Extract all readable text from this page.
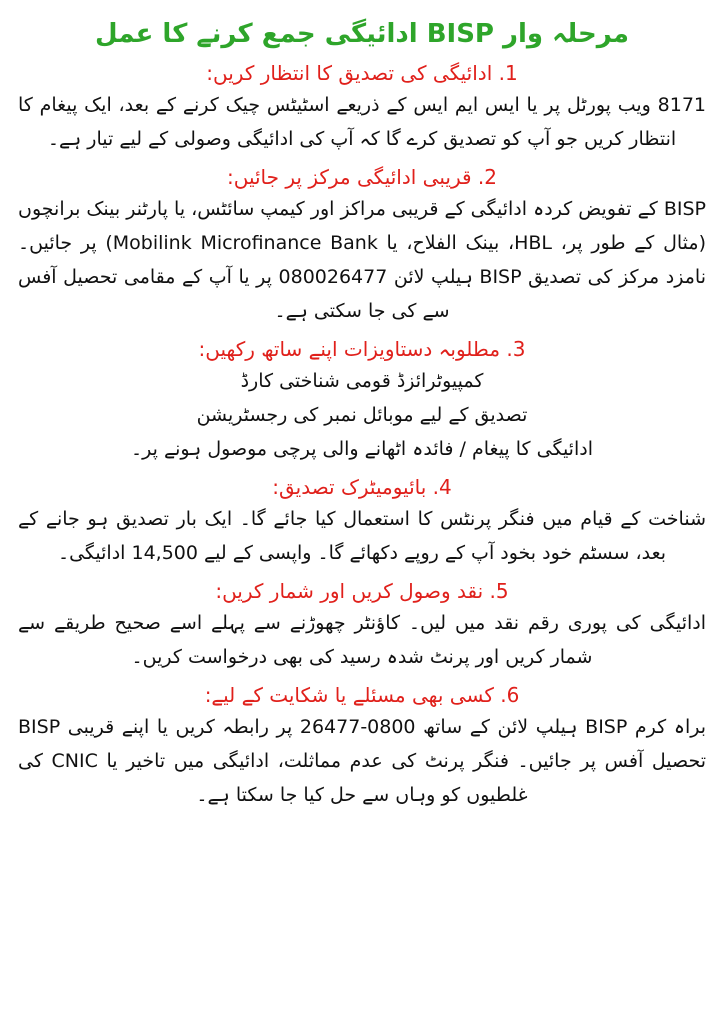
مرحلہ وار BISP ادائیگی جمع کرنے کا عمل
1. ادائیگی کی تصدیق کا انتظار کریں:

8171 ویب پورٹل پر یا ایس ایم ایس کے ذریعے اسٹیٹس چیک کرنے کے بعد، ایک پیغام کا انتظار کریں جو آپ کو تصدیق کرے گا کہ آپ کی ادائیگی وصولی کے لیے تیار ہے۔

2. قریبی ادائیگی مرکز پر جائیں:

BISP کے تفویض کردہ ادائیگی کے قریبی مراکز اور کیمپ سائٹس، یا پارٹنر بینک برانچوں (مثال کے طور پر، HBL، بینک الفلاح، یا Mobilink Microfinance Bank) پر جائیں۔ نامزد مرکز کی تصدیق BISP ہیلپ لائن 080026477 پر یا آپ کے مقامی تحصیل آفس سے کی جا سکتی ہے۔

3. مطلوبہ دستاویزات اپنے ساتھ رکھیں:
کمپیوٹرائزڈ قومی شناختی کارڈ
تصدیق کے لیے موبائل نمبر کی رجسٹریشن
ادائیگی کا پیغام / فائدہ اٹھانے والی پرچی موصول ہونے پر۔
4. بائیومیٹرک تصدیق:

شناخت کے قیام میں فنگر پرنٹس کا استعمال کیا جائے گا۔ ایک بار تصدیق ہو جانے کے بعد، سسٹم خود بخود آپ کے روپے دکھائے گا۔ واپسی کے لیے 14,500 ادائیگی۔

5. نقد وصول کریں اور شمار کریں:

ادائیگی کی پوری رقم نقد میں لیں۔ کاؤنٹر چھوڑنے سے پہلے اسے صحیح طریقے سے شمار کریں اور پرنٹ شدہ رسید کی بھی درخواست کریں۔

6. کسی بھی مسئلے یا شکایت کے لیے:

براہ کرم BISP ہیلپ لائن کے ساتھ 0800-26477 پر رابطہ کریں یا اپنے قریبی BISP تحصیل آفس پر جائیں۔ فنگر پرنٹ کی عدم مماثلت، ادائیگی میں تاخیر یا CNIC کی غلطیوں کو وہاں سے حل کیا جا سکتا ہے۔
